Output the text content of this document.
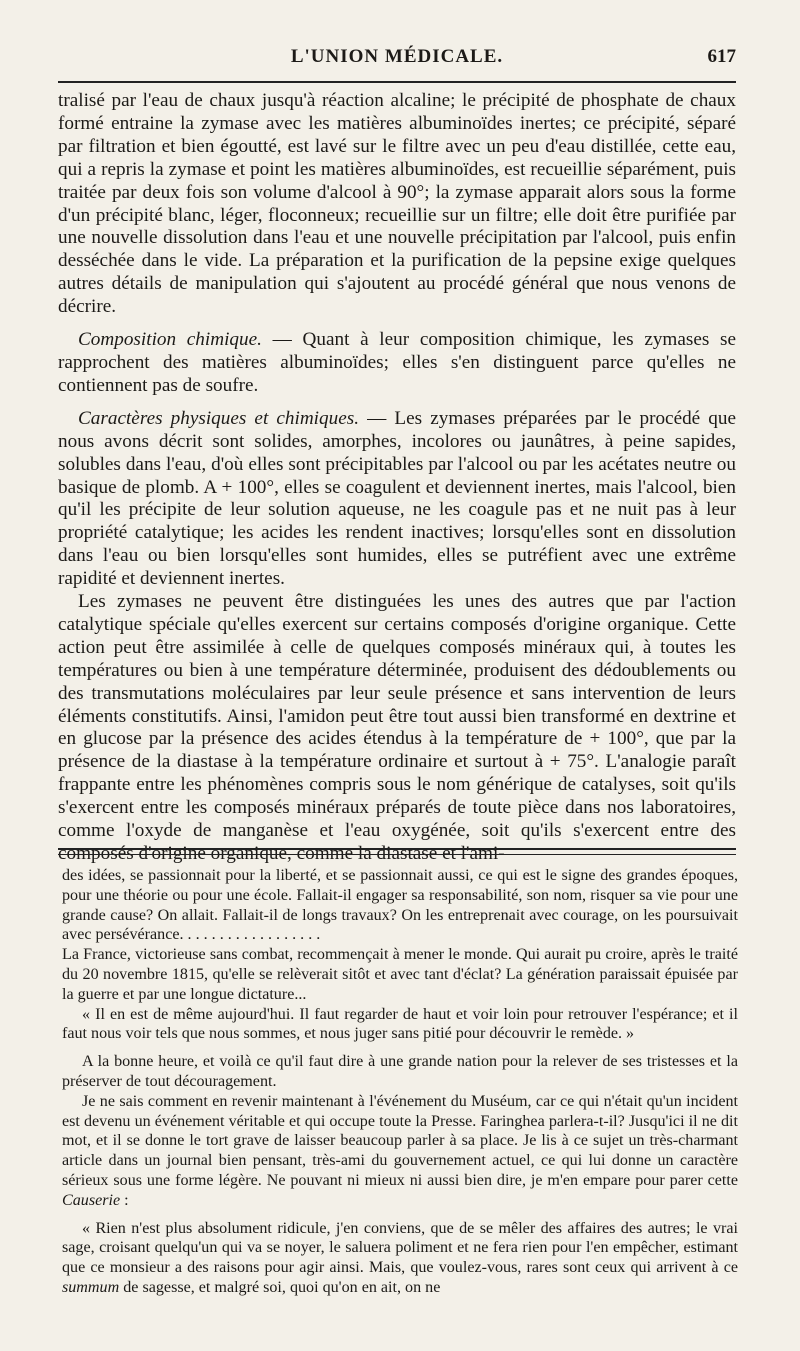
L'UNION MÉDICALE.	617

tralisé par l'eau de chaux jusqu'à réaction alcaline; le précipité de phosphate de chaux formé entraine la zymase avec les matières albuminoïdes inertes; ce précipité, séparé par filtration et bien égoutté, est lavé sur le filtre avec un peu d'eau distillée, cette eau, qui a repris la zymase et point les matières albuminoïdes, est recueillie séparément, puis traitée par deux fois son volume d'alcool à 90°; la zymase apparait alors sous la forme d'un précipité blanc, léger, floconneux; recueillie sur un filtre; elle doit être purifiée par une nouvelle dissolution dans l'eau et une nouvelle précipitation par l'alcool, puis enfin desséchée dans le vide. La préparation et la purification de la pepsine exige quelques autres détails de manipulation qui s'ajoutent au procédé général que nous venons de décrire.

Composition chimique. — Quant à leur composition chimique, les zymases se rapprochent des matières albuminoïdes; elles s'en distinguent parce qu'elles ne contiennent pas de soufre.

Caractères physiques et chimiques. — Les zymases préparées par le procédé que nous avons décrit sont solides, amorphes, incolores ou jaunâtres, à peine sapides, solubles dans l'eau, d'où elles sont précipitables par l'alcool ou par les acétates neutre ou basique de plomb. A + 100°, elles se coagulent et deviennent inertes, mais l'alcool, bien qu'il les précipite de leur solution aqueuse, ne les coagule pas et ne nuit pas à leur propriété catalytique; les acides les rendent inactives; lorsqu'elles sont en dissolution dans l'eau ou bien lorsqu'elles sont humides, elles se putréfient avec une extrême rapidité et deviennent inertes.

Les zymases ne peuvent être distinguées les unes des autres que par l'action catalytique spéciale qu'elles exercent sur certains composés d'origine organique. Cette action peut être assimilée à celle de quelques composés minéraux qui, à toutes les températures ou bien à une température déterminée, produisent des dédoublements ou des transmutations moléculaires par leur seule présence et sans intervention de leurs éléments constitutifs. Ainsi, l'amidon peut être tout aussi bien transformé en dextrine et en glucose par la présence des acides étendus à la température de + 100°, que par la présence de la diastase à la température ordinaire et surtout à + 75°. L'analogie paraît frappante entre les phénomènes compris sous le nom générique de catalyses, soit qu'ils s'exercent entre les composés minéraux préparés de toute pièce dans nos laboratoires, comme l'oxyde de manganèse et l'eau oxygénée, soit qu'ils s'exercent entre des composés d'origine organique, comme la diastase et l'ami-

des idées, se passionnait pour la liberté, et se passionnait aussi, ce qui est le signe des grandes époques, pour une théorie ou pour une école. Fallait-il engager sa responsabilité, son nom, risquer sa vie pour une grande cause? On allait. Fallait-il de longs travaux? On les entreprenait avec courage, on les poursuivait avec persévérance. . . . . . . . . . . . . . . . . .

La France, victorieuse sans combat, recommençait à mener le monde. Qui aurait pu croire, après le traité du 20 novembre 1815, qu'elle se relèverait sitôt et avec tant d'éclat? La génération paraissait épuisée par la guerre et par une longue dictature...

« Il en est de même aujourd'hui. Il faut regarder de haut et voir loin pour retrouver l'espérance; et il faut nous voir tels que nous sommes, et nous juger sans pitié pour découvrir le remède. »

A la bonne heure, et voilà ce qu'il faut dire à une grande nation pour la relever de ses tristesses et la préserver de tout découragement.

Je ne sais comment en revenir maintenant à l'événement du Muséum, car ce qui n'était qu'un incident est devenu un événement véritable et qui occupe toute la Presse. Faringhea parlera-t-il? Jusqu'ici il ne dit mot, et il se donne le tort grave de laisser beaucoup parler à sa place. Je lis à ce sujet un très-charmant article dans un journal bien pensant, très-ami du gouvernement actuel, ce qui lui donne un caractère sérieux sous une forme légère. Ne pouvant ni mieux ni aussi bien dire, je m'en empare pour parer cette Causerie :

« Rien n'est plus absolument ridicule, j'en conviens, que de se mêler des affaires des autres; le vrai sage, croisant quelqu'un qui va se noyer, le saluera poliment et ne fera rien pour l'en empêcher, estimant que ce monsieur a des raisons pour agir ainsi. Mais, que voulez-vous, rares sont ceux qui arrivent à ce summum de sagesse, et malgré soi, quoi qu'on en ait, on ne
